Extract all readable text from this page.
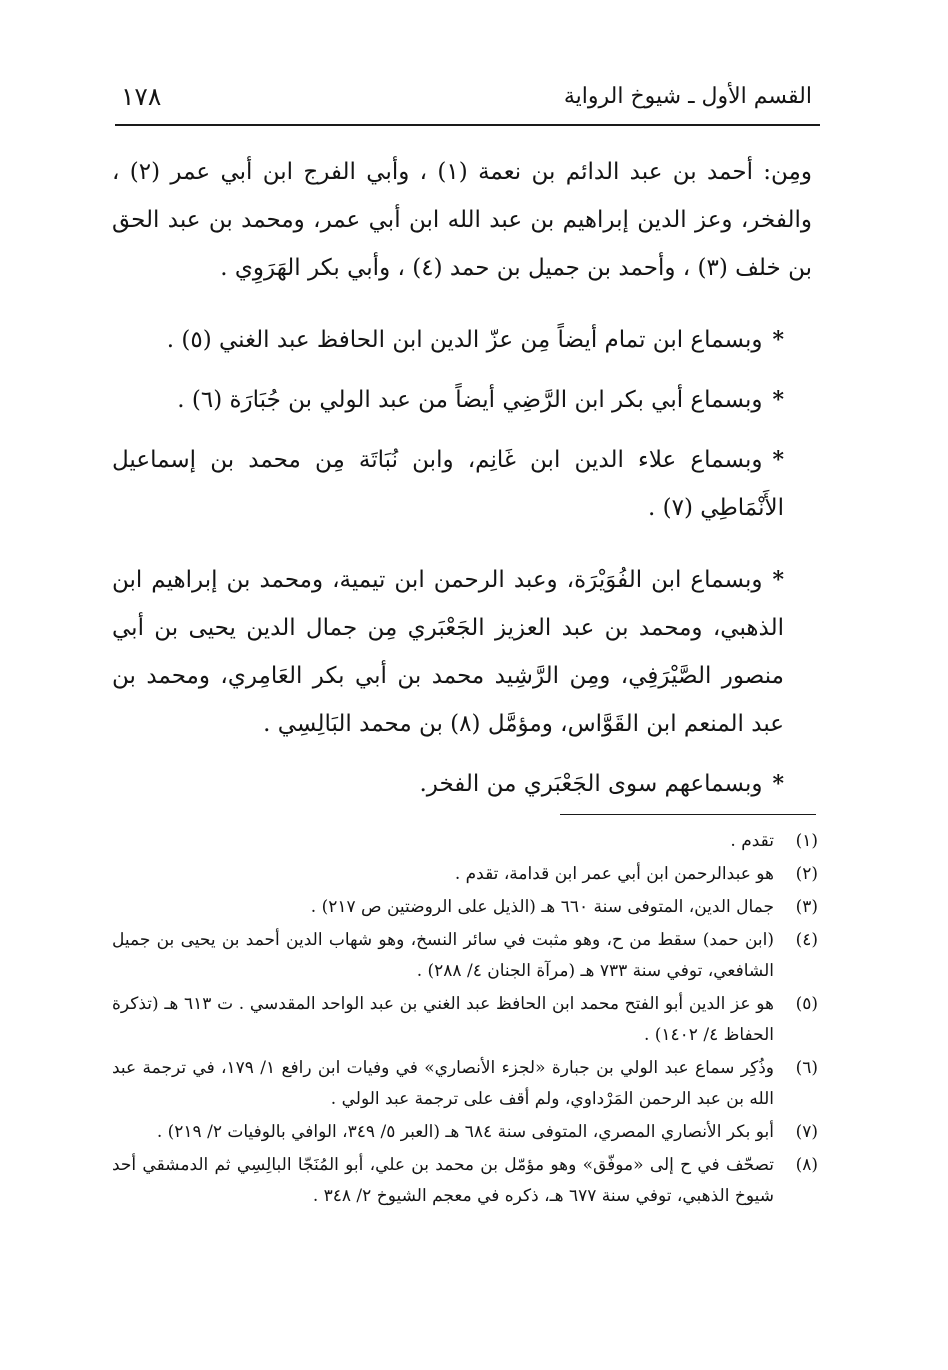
١٧٨	القسم الأول ـ شيوخ الرواية

ومِن: أحمد بن عبد الدائم بن نعمة (١) ، وأبي الفرج ابن أبي عمر (٢) ، والفخر، وعز الدين إبراهيم بن عبد الله ابن أبي عمر، ومحمد بن عبد الحق بن خلف (٣) ، وأحمد بن جميل بن حمد (٤) ، وأبي بكر الهَرَوِي .

*وبسماع ابن تمام أيضاً مِن عزّ الدين ابن الحافظ عبد الغني (٥) .

*وبسماع أبي بكر ابن الرَّضِي أيضاً من عبد الولي بن جُبَارَة (٦) .

*وبسماع علاء الدين ابن غَانِم، وابن نُبَاتَة مِن محمد بن إسماعيل الأَنْمَاطِي (٧) .

*وبسماع ابن الفُوَيْرَة، وعبد الرحمن ابن تيمية، ومحمد بن إبراهيم ابن الذهبي، ومحمد بن عبد العزيز الجَعْبَري مِن جمال الدين يحيى بن أبي منصور الصَّيْرَفِي، ومِن الرَّشِيد محمد بن أبي بكر العَامِري، ومحمد بن عبد المنعم ابن القَوَّاس، ومؤمَّل (٨) بن محمد البَالِسِي .

*وبسماعهم سوى الجَعْبَري من الفخر.

(١)
تقدم .
(٢)
هو عبدالرحمن ابن أبي عمر ابن قدامة، تقدم .
(٣)
جمال الدين، المتوفى سنة ٦٦٠ هـ (الذيل على الروضتين ص ٢١٧) .
(٤)
(ابن حمد) سقط من ح، وهو مثبت في سائر النسخ، وهو شهاب الدين أحمد بن يحيى بن جميل الشافعي، توفي سنة ٧٣٣ هـ (مرآة الجنان ٤/ ٢٨٨) .
(٥)
هو عز الدين أبو الفتح محمد ابن الحافظ عبد الغني بن عبد الواحد المقدسي . ت ٦١٣ هـ (تذكرة الحفاظ ٤/ ١٤٠٢) .
(٦)
وذُكِر سماع عبد الولي بن جبارة «لجزء الأنصاري» في وفيات ابن رافع ١/ ١٧٩، في ترجمة عبد الله بن عبد الرحمن المَرْداوي، ولم أقف على ترجمة عبد الولي .
(٧)
أبو بكر الأنصاري المصري، المتوفى سنة ٦٨٤ هـ (العبر ٥/ ٣٤٩، الوافي بالوفيات ٢/ ٢١٩) .
(٨)
تصحّف في ح إلى «موفّق» وهو مؤمّل بن محمد بن علي، أبو المُنَجّا البالِسِي ثم الدمشقي أحد شيوخ الذهبي، توفي سنة ٦٧٧ هـ، ذكره في معجم الشيوخ ٢/ ٣٤٨ .
